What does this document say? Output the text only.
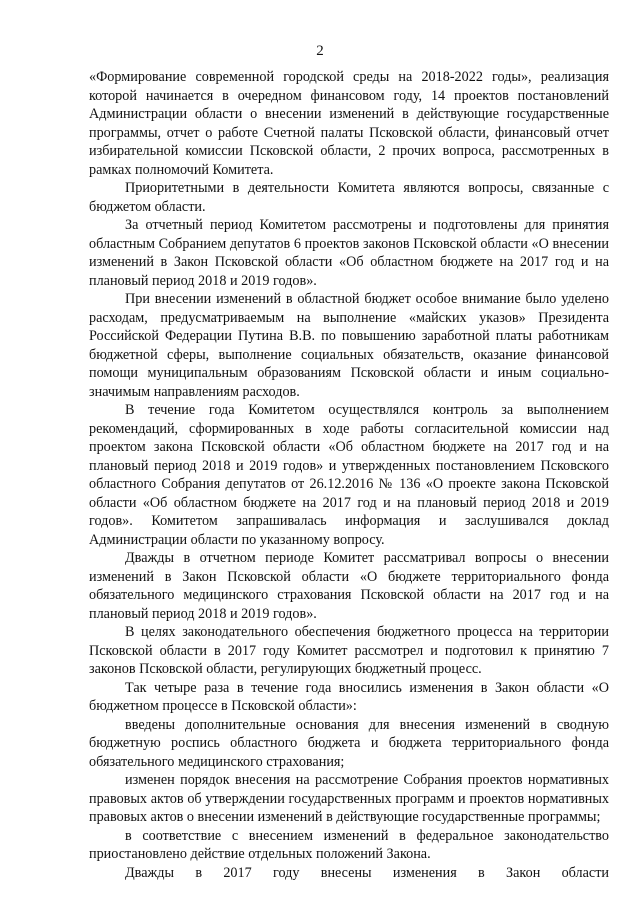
2

«Формирование современной городской среды на 2018-2022 годы», реализация которой начинается в очередном финансовом году, 14 проектов постановлений Администрации области о внесении изменений в действующие государственные программы, отчет о работе Счетной палаты Псковской области, финансовый отчет избирательной комиссии Псковской области, 2 прочих вопроса, рассмотренных в рамках полномочий Комитета.

Приоритетными в деятельности Комитета являются вопросы, связанные с бюджетом области.

За отчетный период Комитетом рассмотрены и подготовлены для принятия областным Собранием депутатов 6 проектов законов Псковской области «О внесении изменений в Закон Псковской области «Об областном бюджете на 2017 год и на плановый период 2018 и 2019 годов».

При внесении изменений в областной бюджет особое внимание было уделено расходам, предусматриваемым на выполнение «майских указов» Президента Российской Федерации Путина В.В. по повышению заработной платы работникам бюджетной сферы, выполнение социальных обязательств, оказание финансовой помощи муниципальным образованиям Псковской области и иным социально-значимым направлениям расходов.

В течение года Комитетом осуществлялся контроль за выполнением рекомендаций, сформированных в ходе работы согласительной комиссии над проектом закона Псковской области «Об областном бюджете на 2017 год и на плановый период 2018 и 2019 годов» и утвержденных постановлением Псковского областного Собрания депутатов от 26.12.2016 № 136 «О проекте закона Псковской области «Об областном бюджете на 2017 год и на плановый период 2018 и 2019 годов». Комитетом запрашивалась информация и заслушивался доклад Администрации области по указанному вопросу.

Дважды в отчетном периоде Комитет рассматривал вопросы о внесении изменений в Закон Псковской области «О бюджете территориального фонда обязательного медицинского страхования Псковской области на 2017 год и на плановый период 2018 и 2019 годов».

В целях законодательного обеспечения бюджетного процесса на территории Псковской области в 2017 году Комитет рассмотрел и подготовил к принятию 7 законов Псковской области, регулирующих бюджетный процесс.

Так четыре раза в течение года вносились изменения в Закон области «О бюджетном процессе в Псковской области»:

введены дополнительные основания для внесения изменений в сводную бюджетную роспись областного бюджета и бюджета территориального фонда обязательного медицинского страхования;

изменен порядок внесения на рассмотрение Собрания проектов нормативных правовых актов об утверждении государственных программ и проектов нормативных правовых актов о внесении изменений в действующие государственные программы;

в соответствие с внесением изменений в федеральное законодательство приостановлено действие отдельных положений Закона.

Дважды в 2017 году внесены изменения в Закон области
